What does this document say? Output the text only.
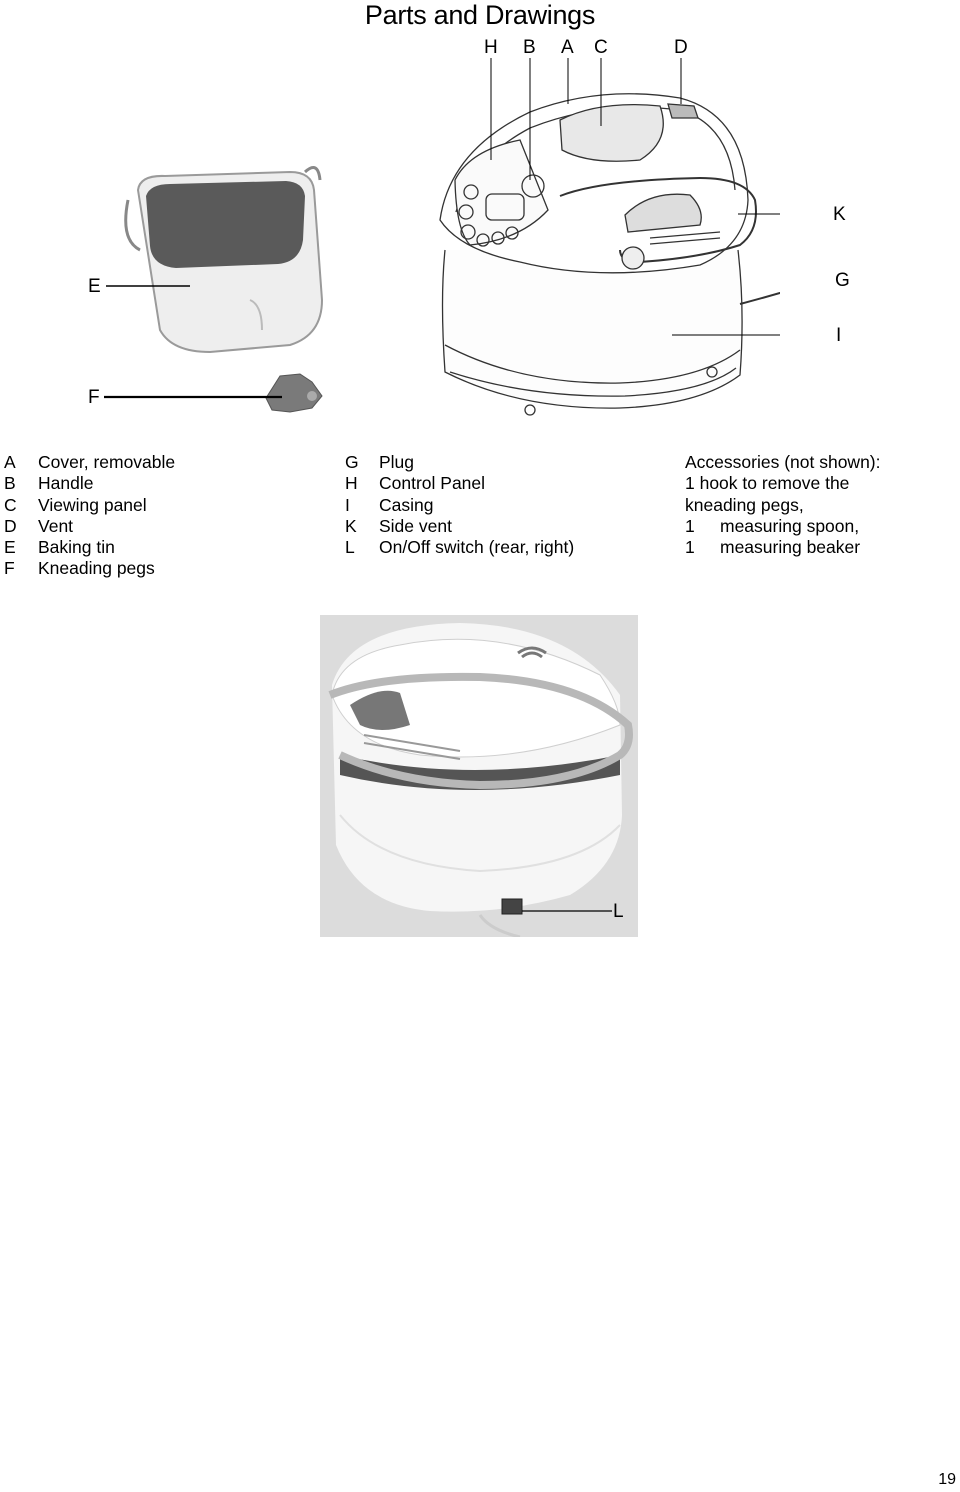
Parts and Drawings
H B A C	D
K
G
I
E
F
A	Cover, removable
B	Handle
C	Viewing panel
D	Vent
E	Baking tin
F	Kneading pegs
G	Plug
H	Control Panel
I	Casing
K	Side vent
L	On/Off switch (rear, right)
Accessories (not shown):
1 hook to remove the
kneading pegs,
1	measuring spoon,
1	measuring beaker
L
19
